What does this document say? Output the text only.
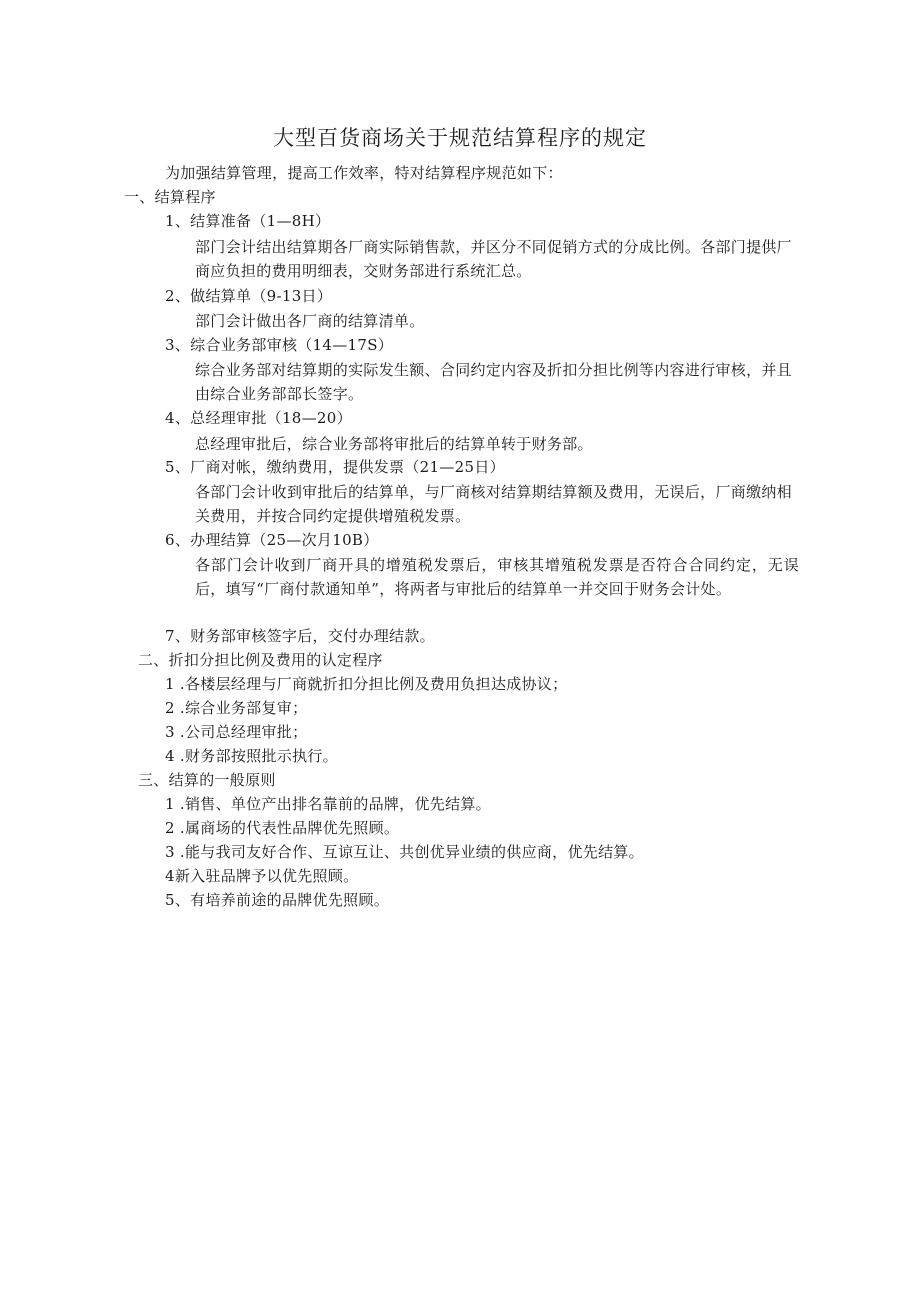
大型百货商场关于规范结算程序的规定
为加强结算管理，提高工作效率，特对结算程序规范如下：
一、结算程序
1、结算准备（1—8H）
部门会计结出结算期各厂商实际销售款，并区分不同促销方式的分成比例。各部门提供厂商应负担的费用明细表，交财务部进行系统汇总。
2、做结算单（9-13日）
部门会计做出各厂商的结算清单。
3、综合业务部审核（14—17S）
综合业务部对结算期的实际发生额、合同约定内容及折扣分担比例等内容进行审核，并且由综合业务部部长签字。
4、总经理审批（18—20）
总经理审批后，综合业务部将审批后的结算单转于财务部。
5、厂商对帐，缴纳费用，提供发票（21—25日）
各部门会计收到审批后的结算单，与厂商核对结算期结算额及费用，无误后，厂商缴纳相关费用，并按合同约定提供增殖税发票。
6、办理结算（25—次月10B）
各部门会计收到厂商开具的增殖税发票后，审核其增殖税发票是否符合合同约定，无误后，填写“厂商付款通知单”，将两者与审批后的结算单一并交回于财务会计处。
7、财务部审核签字后，交付办理结款。
二、折扣分担比例及费用的认定程序
1 .各楼层经理与厂商就折扣分担比例及费用负担达成协议；
2 .综合业务部复审；
3 .公司总经理审批；
4 .财务部按照批示执行。
三、结算的一般原则
1 .销售、单位产出排名靠前的品牌，优先结算。
2 .属商场的代表性品牌优先照顾。
3 .能与我司友好合作、互谅互让、共创优异业绩的供应商，优先结算。
4新入驻品牌予以优先照顾。
5、有培养前途的品牌优先照顾。
